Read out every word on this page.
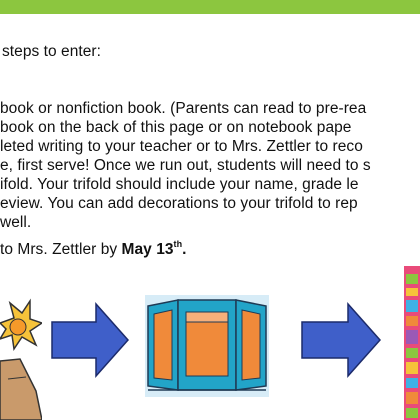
steps to enter:
book or nonfiction book. (Parents can read to pre-rea
book on the back of this page or on notebook pape
leted writing to your teacher or to Mrs. Zettler to reco
e, first serve! Once we run out, students will need to s
ifold. Your trifold should include your name, grade le
eview. You can add decorations to your trifold to rep
well.
to Mrs. Zettler by May 13th.
